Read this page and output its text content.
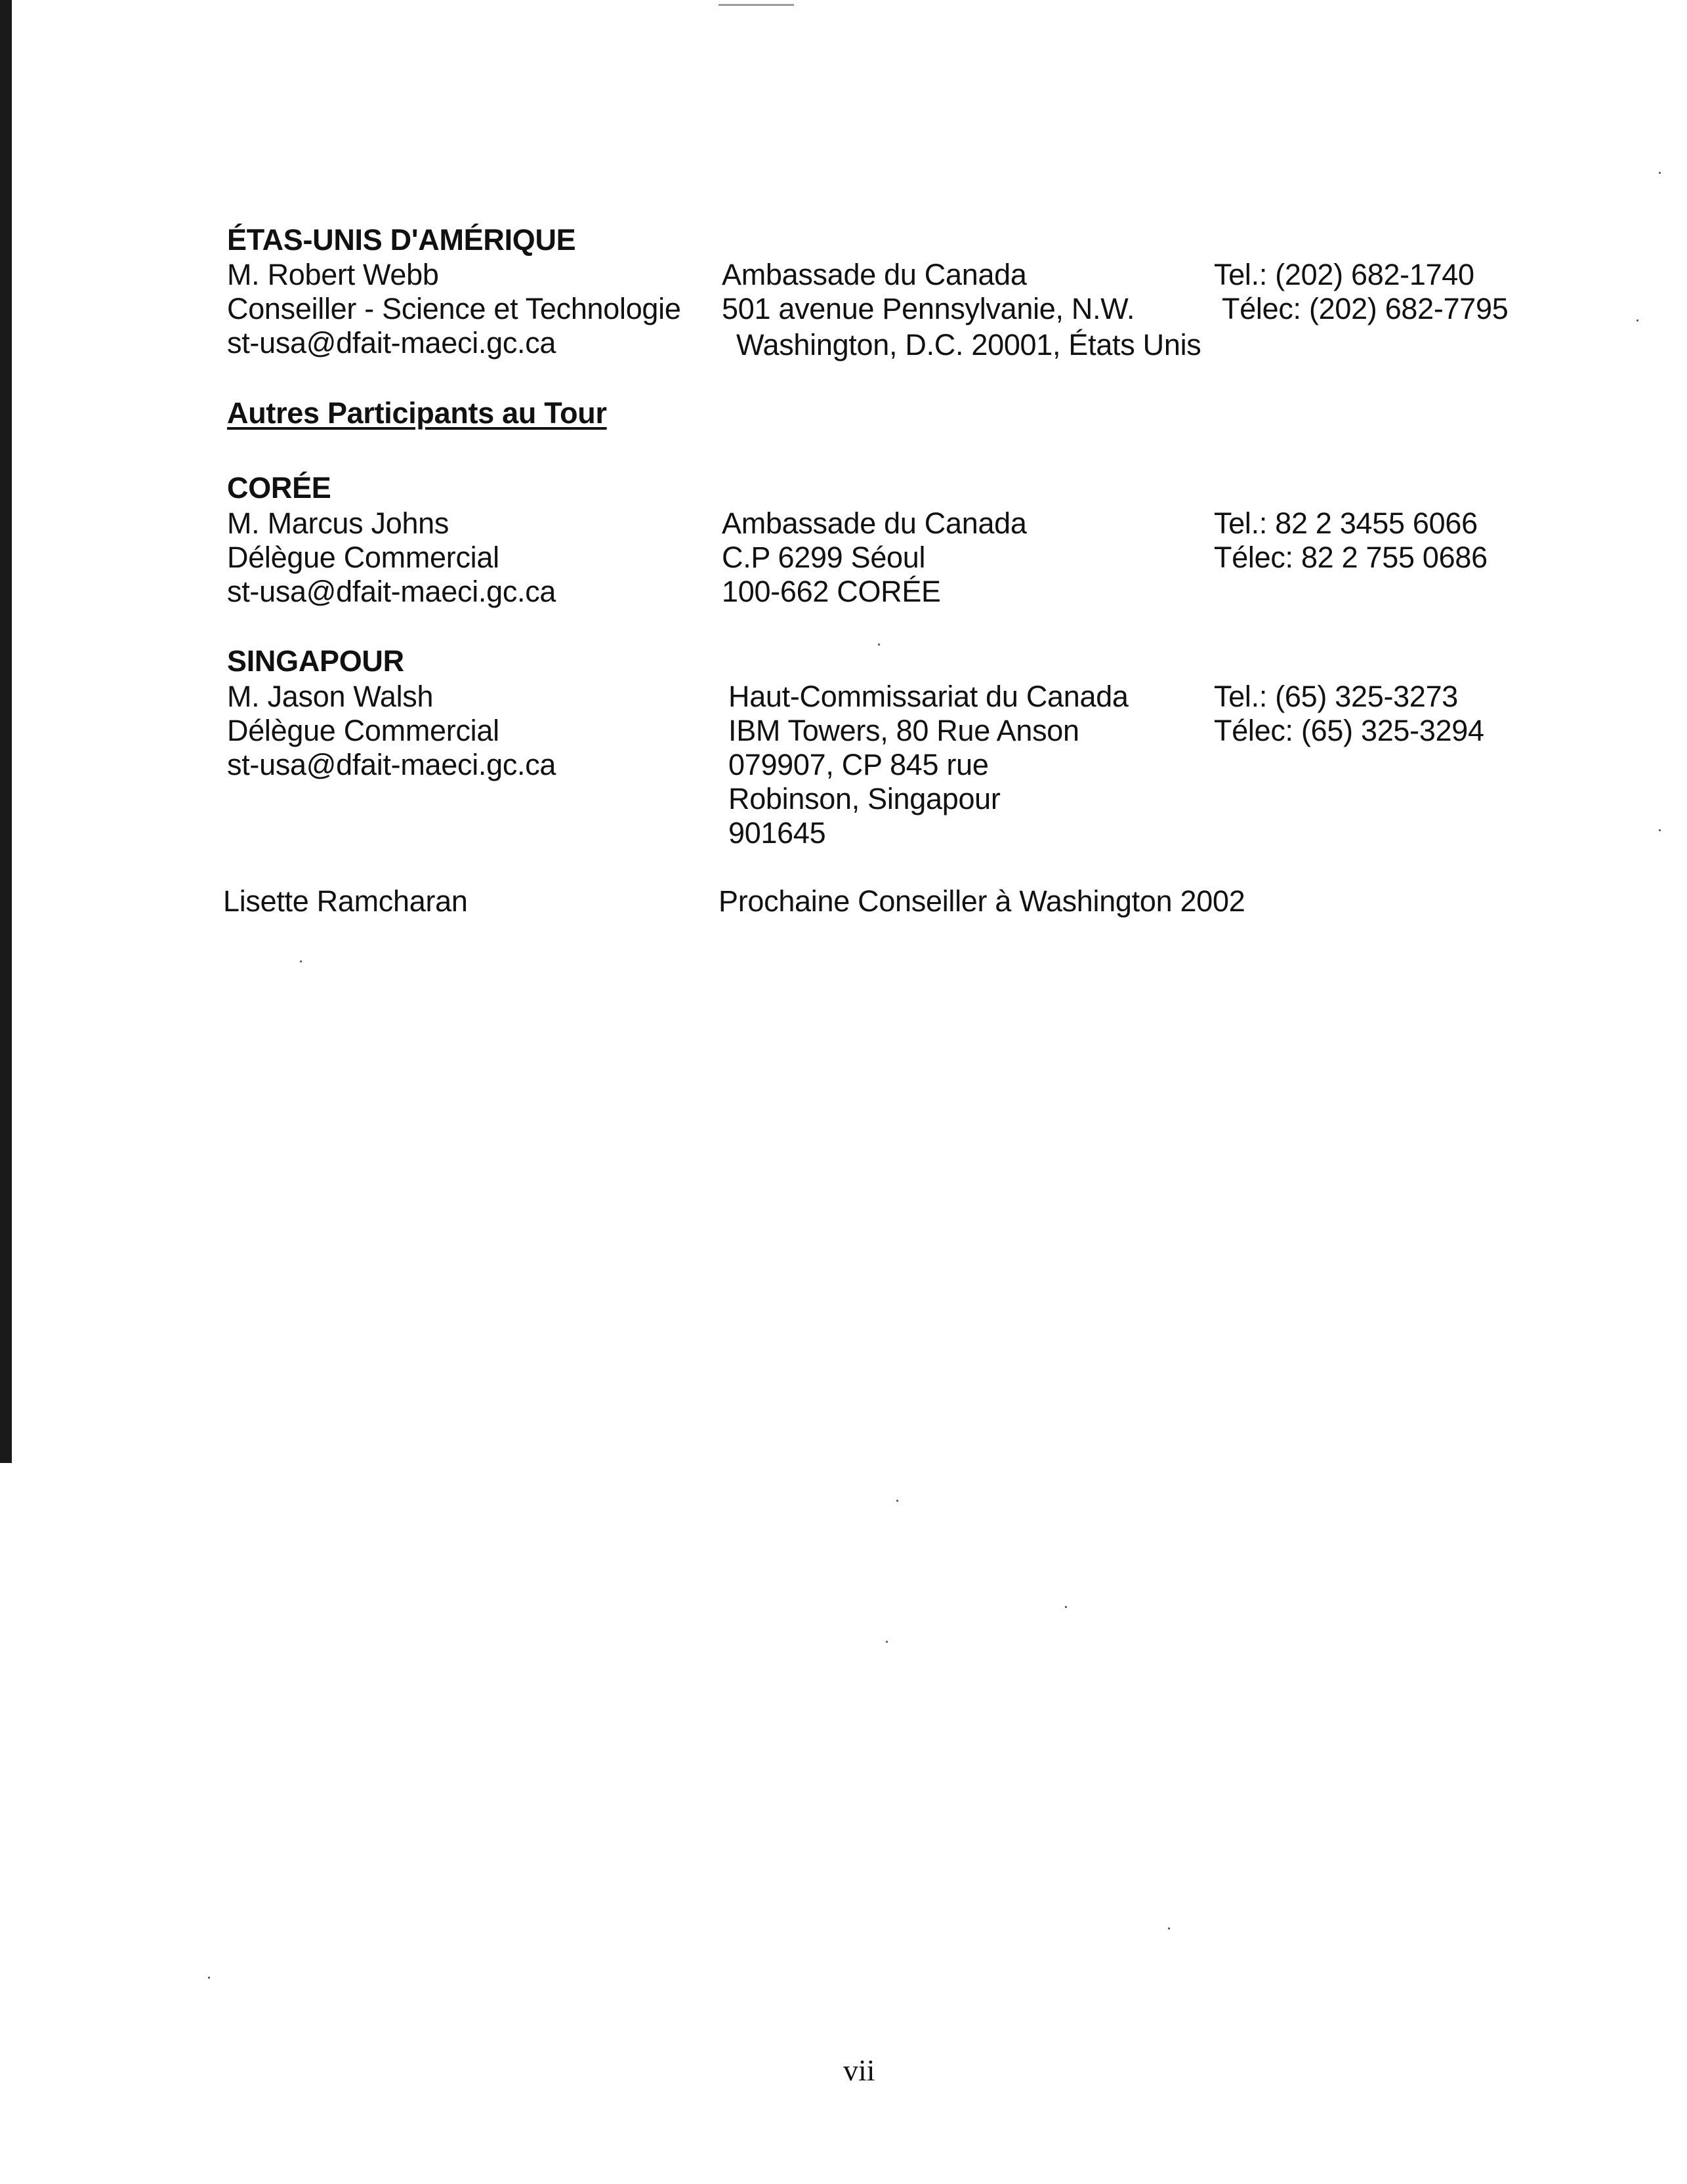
ÉTAS-UNIS D'AMÉRIQUE
M. Robert Webb
Conseiller - Science et Technologie
st-usa@dfait-maeci.gc.ca
Ambassade du Canada
501 avenue Pennsylvanie, N.W.
Washington, D.C. 20001, États Unis
Tel.: (202) 682-1740
Télec: (202) 682-7795
Autres Participants au Tour
CORÉE
M. Marcus Johns
Délègue Commercial
st-usa@dfait-maeci.gc.ca
Ambassade du Canada
C.P 6299 Séoul
100-662 CORÉE
Tel.: 82 2 3455 6066
Télec: 82 2 755 0686
SINGAPOUR
M. Jason Walsh
Délègue Commercial
st-usa@dfait-maeci.gc.ca
Haut-Commissariat du Canada
IBM Towers, 80 Rue Anson
079907, CP 845 rue
Robinson, Singapour
901645
Tel.: (65) 325-3273
Télec: (65) 325-3294
Lisette Ramcharan	Prochaine Conseiller à Washington 2002
vii
